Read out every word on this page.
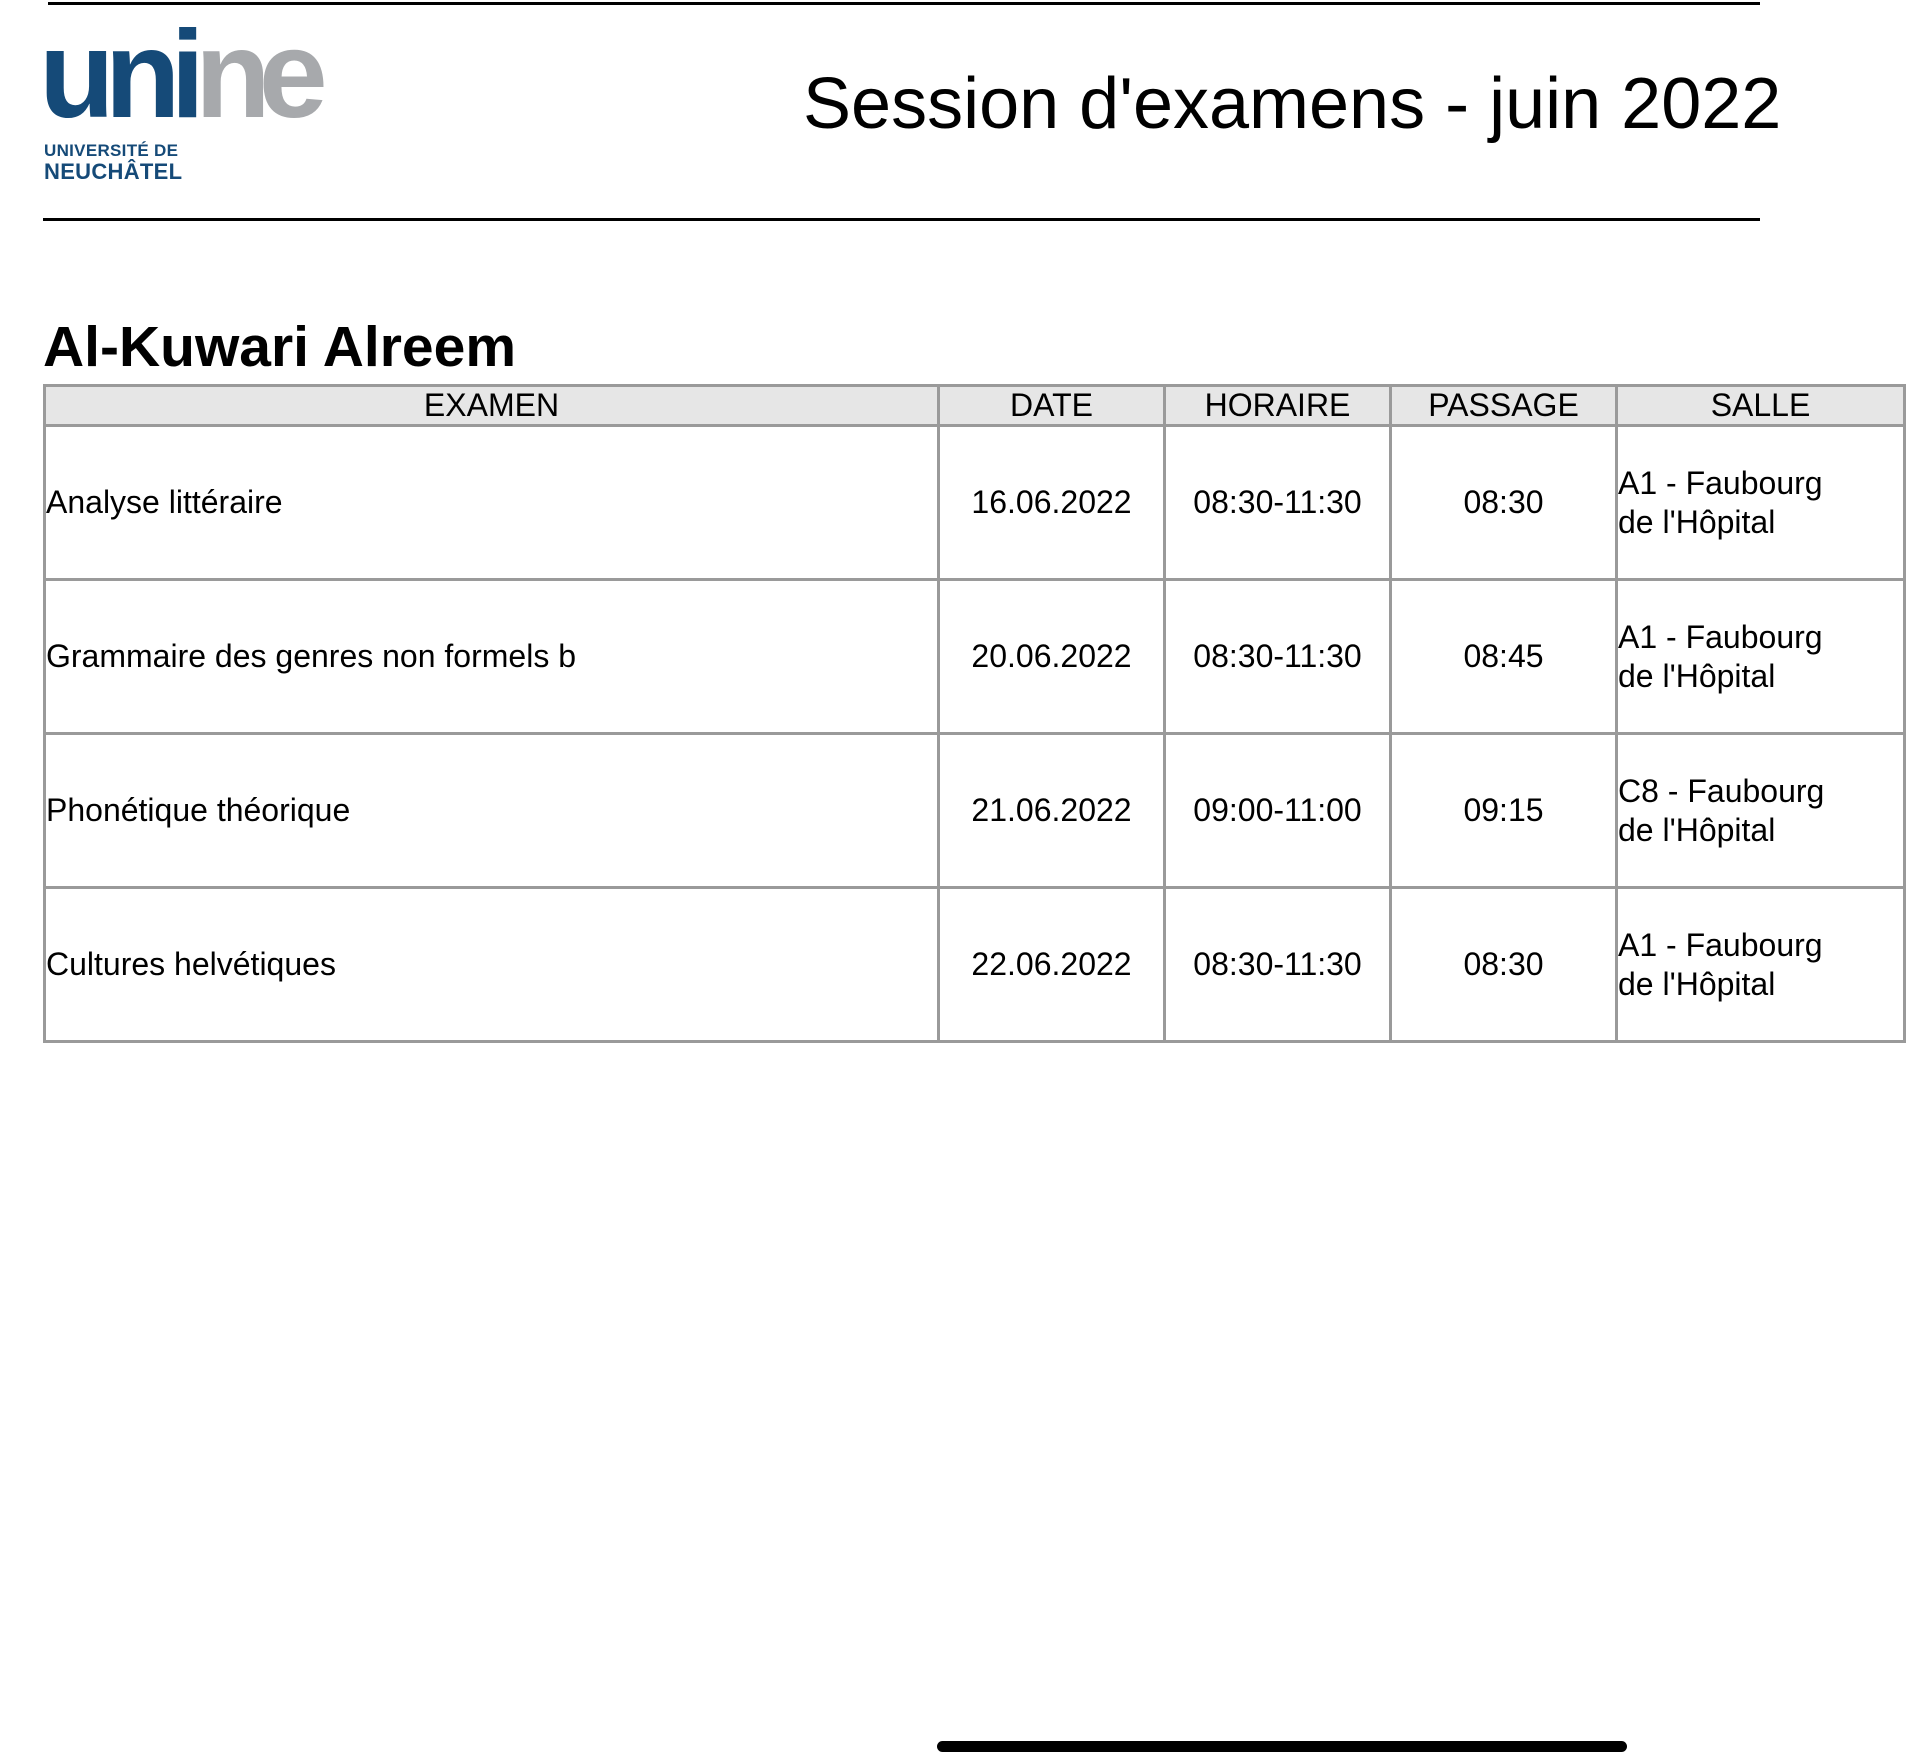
uni ne
UNIVERSITÉ DE
NEUCHÂTEL
Session d'examens - juin 2022
Al-Kuwari Alreem
EXAMEN	DATE	HORAIRE	PASSAGE	SALLE
Analyse littéraire	16.06.2022	08:30-11:30	08:30	A1 - Faubourg
de l'Hôpital

Grammaire des genres non formels b	20.06.2022	08:30-11:30	08:45	A1 - Faubourg
de l'Hôpital

Phonétique théorique	21.06.2022	09:00-11:00	09:15	C8 - Faubourg
de l'Hôpital

Cultures helvétiques	22.06.2022	08:30-11:30	08:30	A1 - Faubourg
de l'Hôpital
